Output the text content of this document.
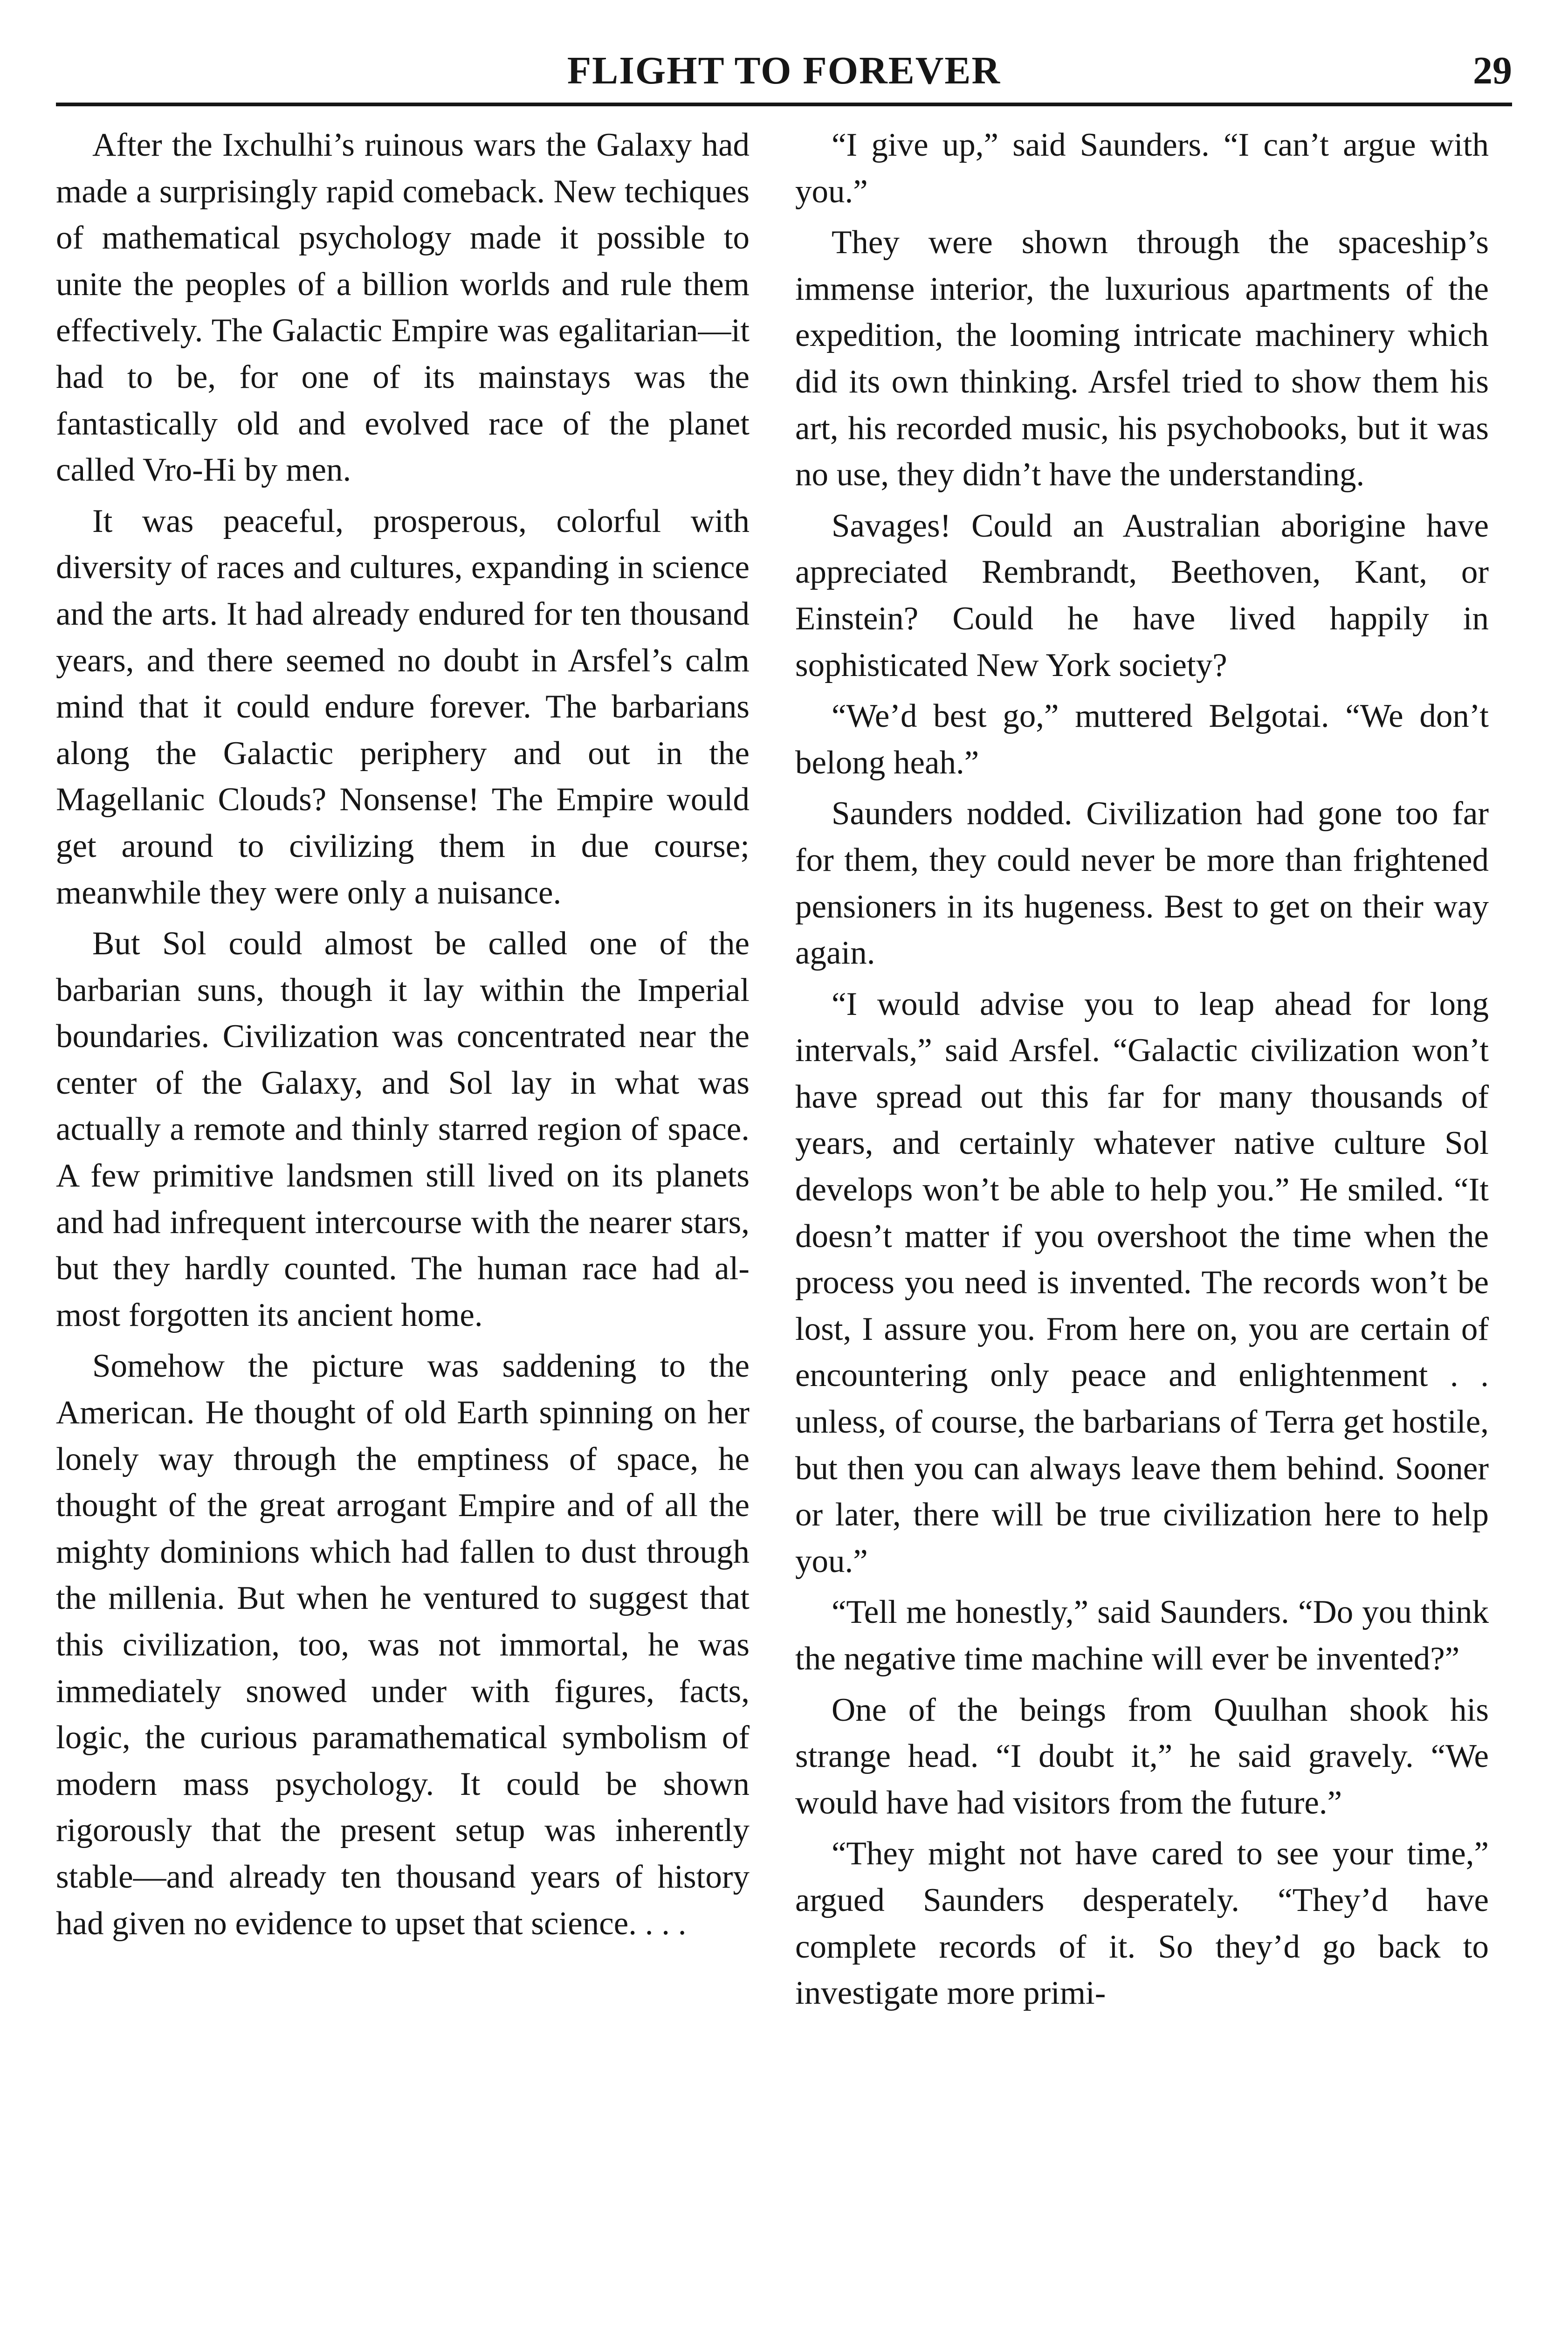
FLIGHT TO FOREVER	29

After the Ixchulhi’s ruinous wars the Galaxy had made a surprisingly rapid comeback. New techiques of mathematical psychology made it possible to unite the peoples of a billion worlds and rule them effectively. The Galactic Empire was egalitarian—it had to be, for one of its mainstays was the fantastically old and evolved race of the planet called Vro-Hi by men.

It was peaceful, prosperous, colorful with diversity of races and cultures, expanding in science and the arts. It had already endured for ten thousand years, and there seemed no doubt in Arsfel’s calm mind that it could endure forever. The barbarians along the Galactic periphery and out in the Magellanic Clouds? Nonsense! The Empire would get around to civilizing them in due course; meanwhile they were only a nuisance.

But Sol could almost be called one of the barbarian suns, though it lay within the Imperial boundaries. Civilization was concentrated near the center of the Galaxy, and Sol lay in what was actually a remote and thinly starred region of space. A few primitive landsmen still lived on its planets and had infrequent intercourse with the nearer stars, but they hardly counted. The human race had almost forgotten its ancient home.

Somehow the picture was saddening to the American. He thought of old Earth spinning on her lonely way through the emptiness of space, he thought of the great arrogant Empire and of all the mighty dominions which had fallen to dust through the millenia. But when he ventured to suggest that this civilization, too, was not immortal, he was immediately snowed under with figures, facts, logic, the curious paramathematical symbolism of modern mass psychology. It could be shown rigorously that the present setup was inherently stable—and already ten thousand years of history had given no evidence to upset that science. . . .

“I give up,” said Saunders. “I can’t argue with you.”

They were shown through the spaceship’s immense interior, the luxurious apartments of the expedition, the looming intricate machinery which did its own thinking. Arsfel tried to show them his art, his recorded music, his psychobooks, but it was no use, they didn’t have the understanding.

Savages! Could an Australian aborigine have appreciated Rembrandt, Beethoven, Kant, or Einstein? Could he have lived happily in sophisticated New York society?

“We’d best go,” muttered Belgotai. “We don’t belong heah.”

Saunders nodded. Civilization had gone too far for them, they could never be more than frightened pensioners in its hugeness. Best to get on their way again.

“I would advise you to leap ahead for long intervals,” said Arsfel. “Galactic civilization won’t have spread out this far for many thousands of years, and certainly whatever native culture Sol develops won’t be able to help you.” He smiled. “It doesn’t matter if you overshoot the time when the process you need is invented. The records won’t be lost, I assure you. From here on, you are certain of encountering only peace and enlightenment . . unless, of course, the barbarians of Terra get hostile, but then you can always leave them behind. Sooner or later, there will be true civilization here to help you.”

“Tell me honestly,” said Saunders. “Do you think the negative time machine will ever be invented?”

One of the beings from Quulhan shook his strange head. “I doubt it,” he said gravely. “We would have had visitors from the future.”

“They might not have cared to see your time,” argued Saunders desperately. “They’d have complete records of it. So they’d go back to investigate more primi-
